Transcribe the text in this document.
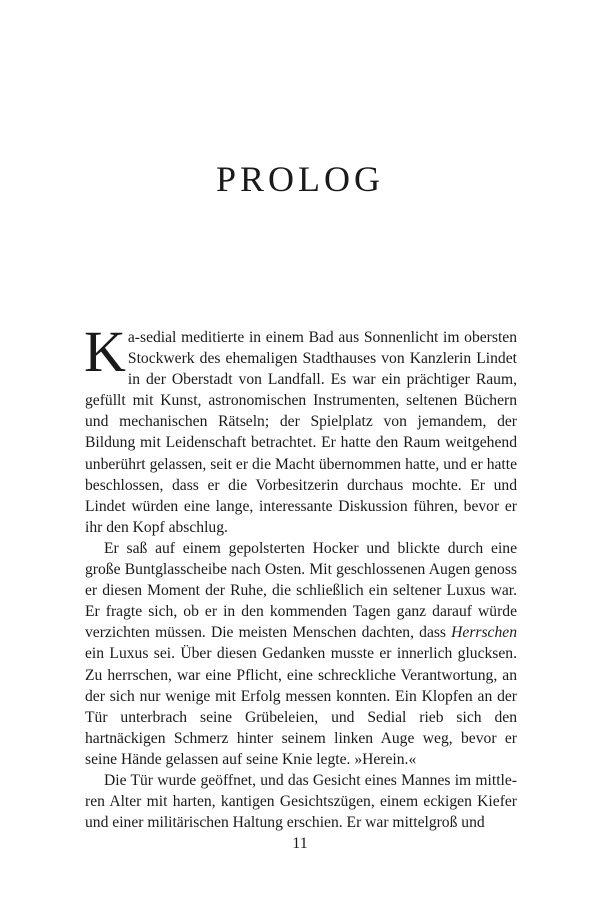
PROLOG

Ka-sedial meditierte in einem Bad aus Sonnenlicht im obersten Stockwerk des ehemaligen Stadthauses von Kanzlerin Lindet in der Oberstadt von Landfall. Es war ein prächtiger Raum, gefüllt mit Kunst, astronomischen Instrumenten, seltenen Büchern und mechanischen Rätseln; der Spielplatz von jemandem, der Bildung mit Leidenschaft betrachtet. Er hatte den Raum weitgehend unberührt gelassen, seit er die Macht übernommen hatte, und er hatte beschlossen, dass er die Vorbesitzerin durchaus mochte. Er und Lindet würden eine lange, interessante Diskussion führen, bevor er ihr den Kopf abschlug.

Er saß auf einem gepolsterten Hocker und blickte durch eine große Buntglasscheibe nach Osten. Mit geschlossenen Augen genoss er diesen Moment der Ruhe, die schließlich ein seltener Luxus war. Er fragte sich, ob er in den kommenden Tagen ganz darauf würde verzichten müssen. Die meisten Menschen dachten, dass Herrschen ein Luxus sei. Über diesen Gedanken musste er innerlich glucksen. Zu herrschen, war eine Pflicht, eine schreckliche Verantwortung, an der sich nur wenige mit Erfolg messen konnten. Ein Klopfen an der Tür unterbrach seine Grübeleien, und Sedial rieb sich den hartnäckigen Schmerz hinter seinem linken Auge weg, bevor er seine Hände gelassen auf seine Knie legte. »Herein.«

Die Tür wurde geöffnet, und das Gesicht eines Mannes im mittleren Alter mit harten, kantigen Gesichtszügen, einem eckigen Kiefer und einer militärischen Haltung erschien. Er war mittelgroß und

11
